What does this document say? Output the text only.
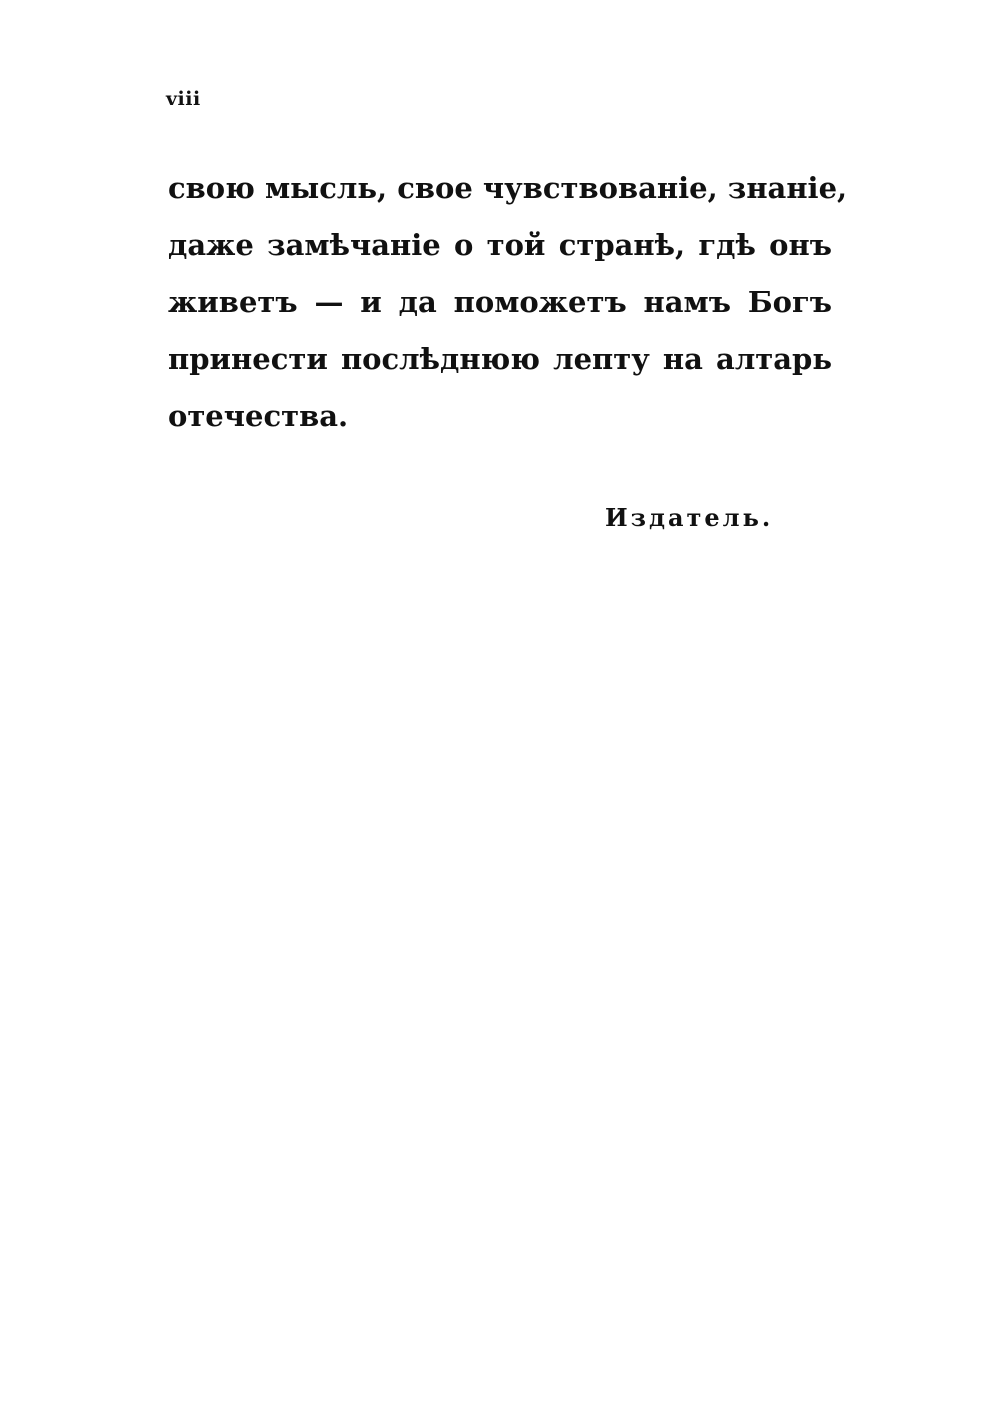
viii
свою мысль, свое чувствованіе, знаніе,
даже замѣчаніе о той странѣ, гдѣ онъ
живетъ — и да поможетъ намъ Богъ
принести послѣднюю лепту на алтарь
отечества.
Издатель.
